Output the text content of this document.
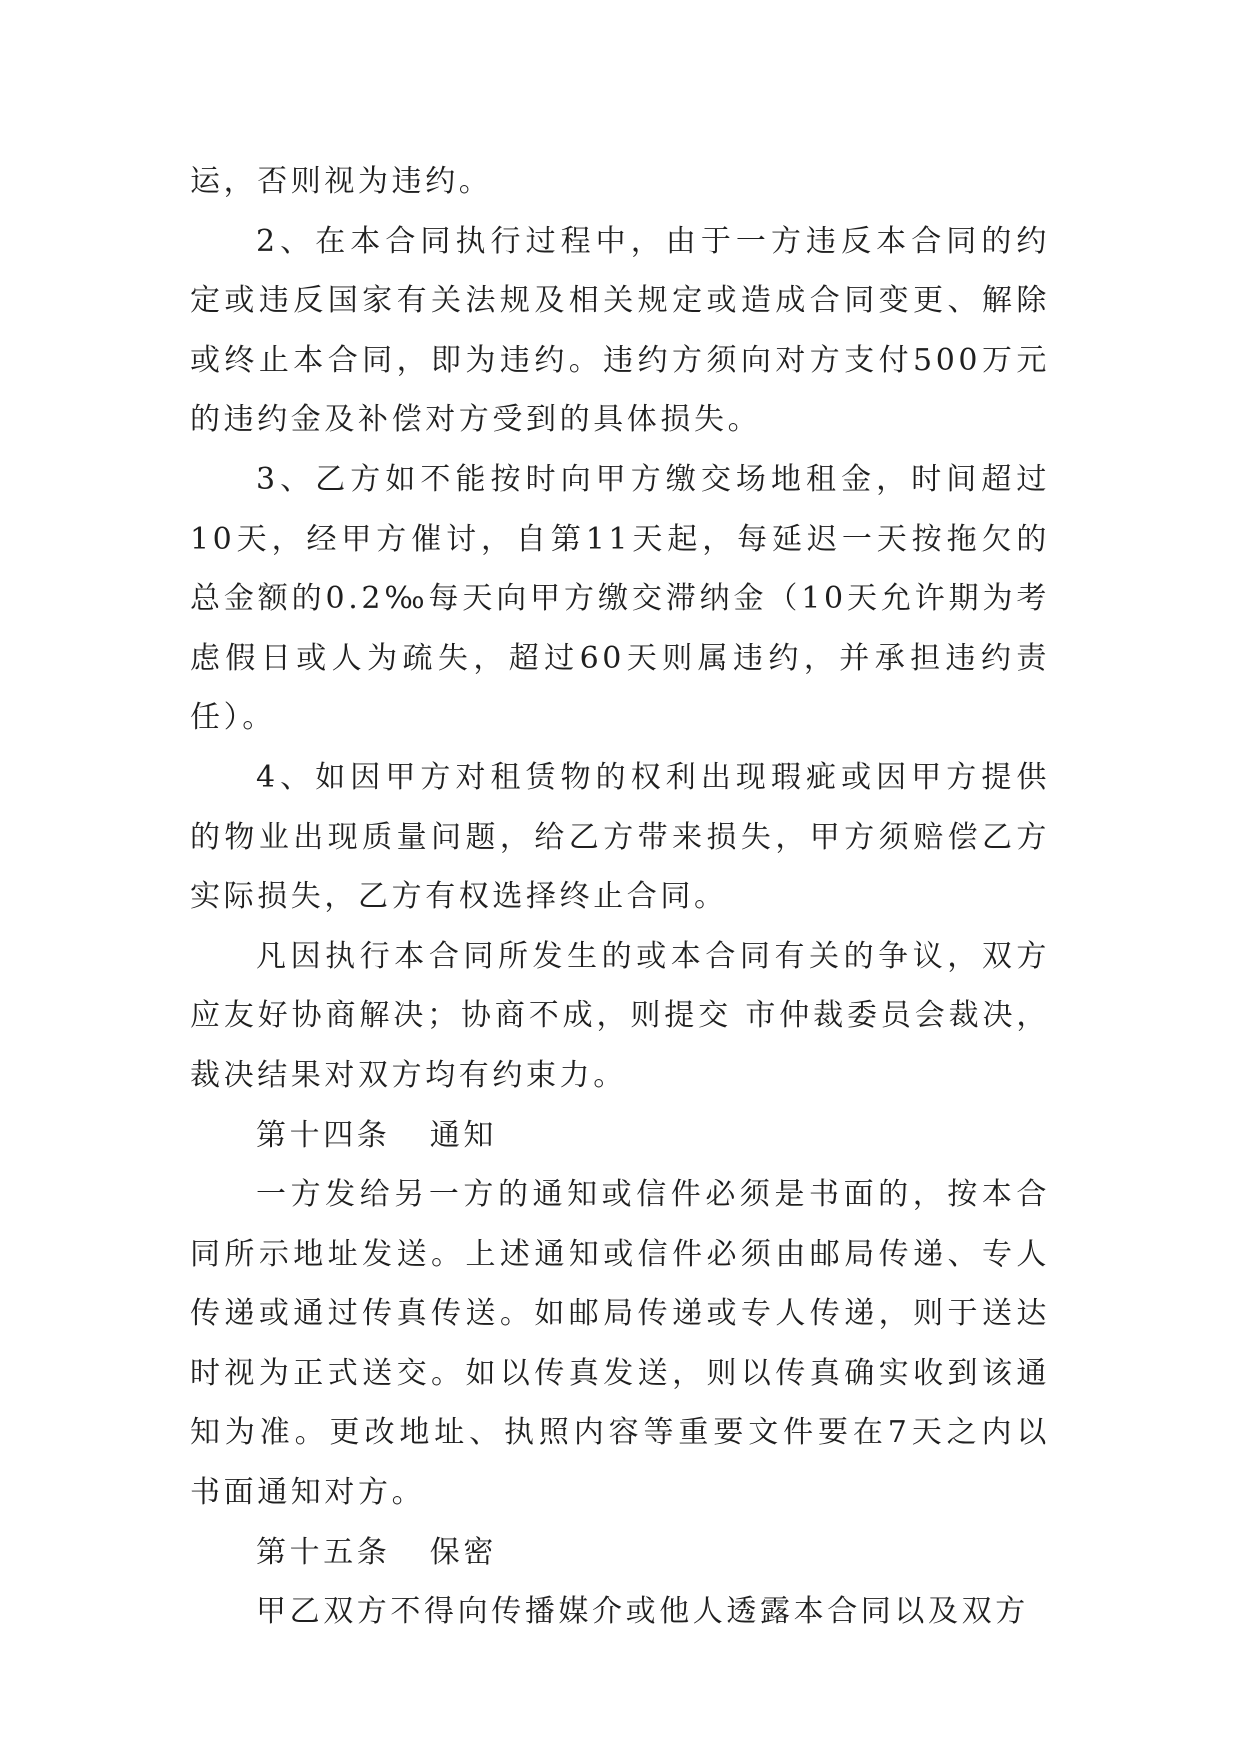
运，否则视为违约。

2、在本合同执行过程中，由于一方违反本合同的约定或违反国家有关法规及相关规定或造成合同变更、解除或终止本合同，即为违约。违约方须向对方支付500万元的违约金及补偿对方受到的具体损失。

3、乙方如不能按时向甲方缴交场地租金，时间超过10天，经甲方催讨，自第11天起，每延迟一天按拖欠的总金额的0.2‰每天向甲方缴交滞纳金（10天允许期为考虑假日或人为疏失，超过60天则属违约，并承担违约责任）。

4、如因甲方对租赁物的权利出现瑕疵或因甲方提供的物业出现质量问题，给乙方带来损失，甲方须赔偿乙方实际损失，乙方有权选择终止合同。

凡因执行本合同所发生的或本合同有关的争议，双方应友好协商解决；协商不成，则提交 市仲裁委员会裁决，裁决结果对双方均有约束力。

第十四条   通知

一方发给另一方的通知或信件必须是书面的，按本合同所示地址发送。上述通知或信件必须由邮局传递、专人传递或通过传真传送。如邮局传递或专人传递，则于送达时视为正式送交。如以传真发送，则以传真确实收到该通知为准。更改地址、执照内容等重要文件要在7天之内以书面通知对方。

第十五条   保密

甲乙双方不得向传播媒介或他人透露本合同以及双方
